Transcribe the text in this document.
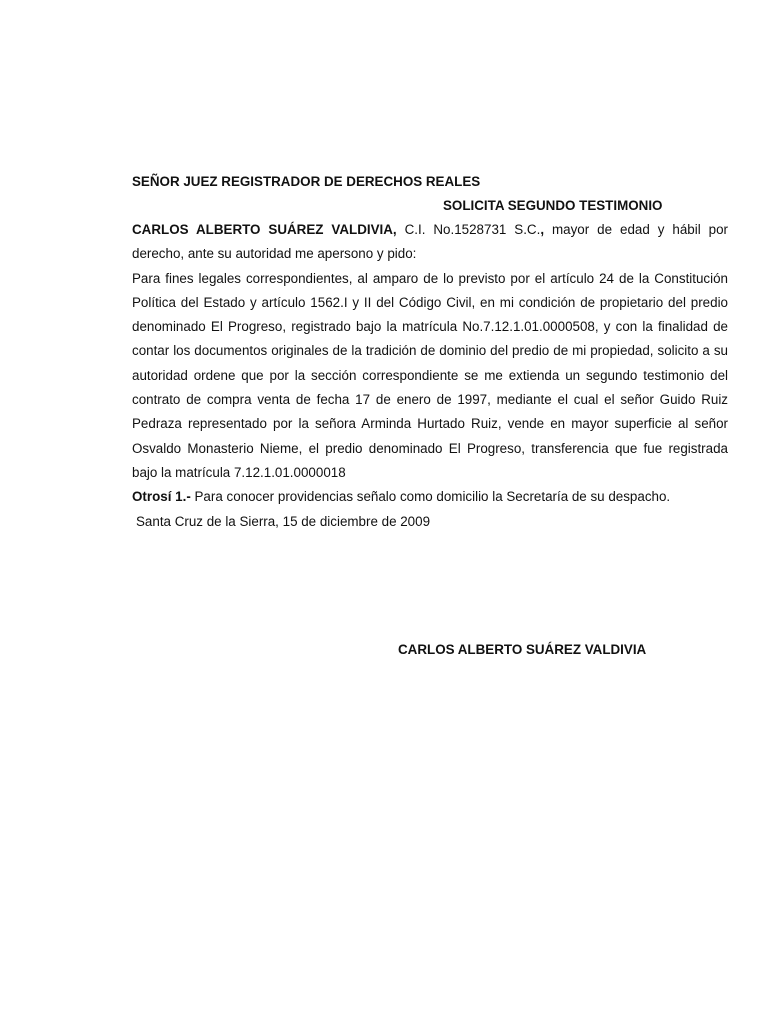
SEÑOR JUEZ REGISTRADOR DE DERECHOS REALES

SOLICITA SEGUNDO TESTIMONIO

CARLOS ALBERTO SUÁREZ VALDIVIA, C.I. No.1528731 S.C., mayor de edad y hábil por derecho, ante su autoridad me apersono y pido:

Para fines legales correspondientes, al amparo de lo previsto por el artículo 24 de la Constitución Política del Estado y artículo 1562.I y II del Código Civil, en mi condición de propietario del predio denominado El Progreso, registrado bajo la matrícula No.7.12.1.01.0000508, y con la finalidad de contar los documentos originales de la tradición de dominio del predio de mi propiedad, solicito a su autoridad ordene que por la sección correspondiente se me extienda un segundo testimonio del contrato de compra venta de fecha 17 de enero de 1997, mediante el cual el señor Guido Ruiz Pedraza representado por la señora Arminda Hurtado Ruiz, vende en mayor superficie al señor Osvaldo Monasterio Nieme, el predio denominado El Progreso, transferencia que fue registrada bajo la matrícula 7.12.1.01.0000018

Otrosí 1.- Para conocer providencias señalo como domicilio la Secretaría de su despacho.

Santa Cruz de la Sierra, 15 de diciembre de 2009

CARLOS ALBERTO SUÁREZ VALDIVIA
